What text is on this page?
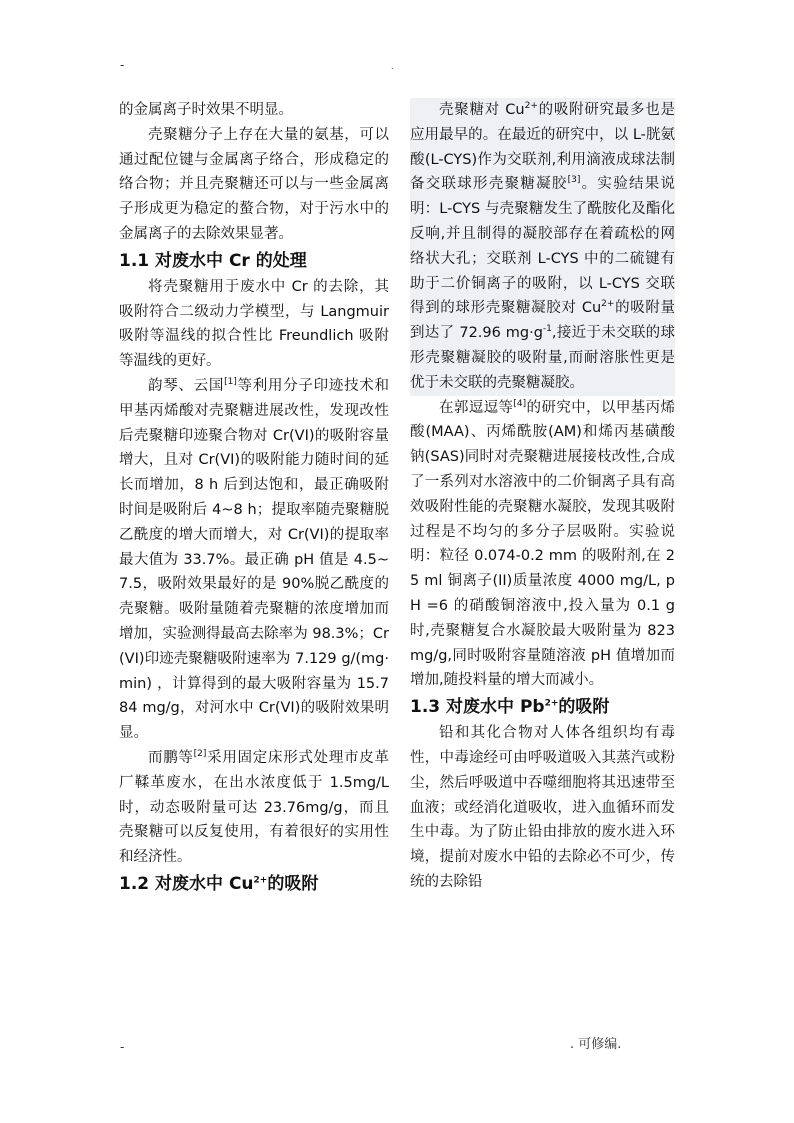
-	.

的金属离子时效果不明显。

壳聚糖分子上存在大量的氨基，可以通过配位键与金属离子络合，形成稳定的络合物；并且壳聚糖还可以与一些金属离子形成更为稳定的螯合物，对于污水中的金属离子的去除效果显著。

1.1 对废水中 Cr 的处理

将壳聚糖用于废水中 Cr 的去除，其吸附符合二级动力学模型，与 Langmuir 吸附等温线的拟合性比 Freundlich 吸附等温线的更好。

韵琴、云国[1]等利用分子印迹技术和甲基丙烯酸对壳聚糖进展改性，发现改性后壳聚糖印迹聚合物对 Cr(VI)的吸附容量增大，且对 Cr(VI)的吸附能力随时间的延长而增加，8 h 后到达饱和，最正确吸附时间是吸附后 4~8 h；提取率随壳聚糖脱乙酰度的增大而增大，对 Cr(VI)的提取率最大值为 33.7%。最正确 pH 值是 4.5~7.5，吸附效果最好的是 90%脱乙酰度的壳聚糖。吸附量随着壳聚糖的浓度增加而增加，实验测得最高去除率为 98.3%；Cr(VI)印迹壳聚糖吸附速率为 7.129 g/(mg·min) ，计算得到的最大吸附容量为 15.784 mg/g，对河水中 Cr(VI)的吸附效果明显。

而鹏等[2]采用固定床形式处理市皮革厂鞣革废水，在出水浓度低于 1.5mg/L 时，动态吸附量可达 23.76mg/g，而且壳聚糖可以反复使用，有着很好的实用性和经济性。

1.2 对废水中 $Cu^{2+}$的吸附

壳聚糖对 $Cu^{2+}$的吸附研究最多也是应用最早的。在最近的研究中，以 L-胱氨酸(L-CYS)作为交联剂,利用滴液成球法制备交联球形壳聚糖凝胶[3]。实验结果说明：L-CYS 与壳聚糖发生了酰胺化及酯化反响,并且制得的凝胶部存在着疏松的网络状大孔；交联剂 L-CYS 中的二硫键有助于二价铜离子的吸附，以 L-CYS 交联得到的球形壳聚糖凝胶对 $Cu^{2+}$的吸附量到达了 72.96 $mg\cdot g^{-1}$,接近于未交联的球形壳聚糖凝胶的吸附量,而耐溶胀性更是优于未交联的壳聚糖凝胶。

在郭逗逗等[4]的研究中，以甲基丙烯酸(MAA)、丙烯酰胺(AM)和烯丙基磺酸钠(SAS)同时对壳聚糖进展接枝改性,合成了一系列对水溶液中的二价铜离子具有高效吸附性能的壳聚糖水凝胶，发现其吸附过程是不均匀的多分子层吸附。实验说明：粒径 0.074-0.2 mm 的吸附剂,在 25 ml 铜离子(II)质量浓度 4000 mg/L, pH =6 的硝酸铜溶液中,投入量为 0.1 g 时,壳聚糖复合水凝胶最大吸附量为 823 mg/g,同时吸附容量随溶液 pH 值增加而增加,随投料量的增大而减小。

1.3 对废水中 $Pb^{2+}$的吸附

铅和其化合物对人体各组织均有毒性，中毒途经可由呼吸道吸入其蒸汽或粉尘，然后呼吸道中吞噬细胞将其迅速带至血液；或经消化道吸收，进入血循环而发生中毒。为了防止铅由排放的废水进入环境，提前对废水中铅的去除必不可少，传统的去除铅

-	. 可修编.
